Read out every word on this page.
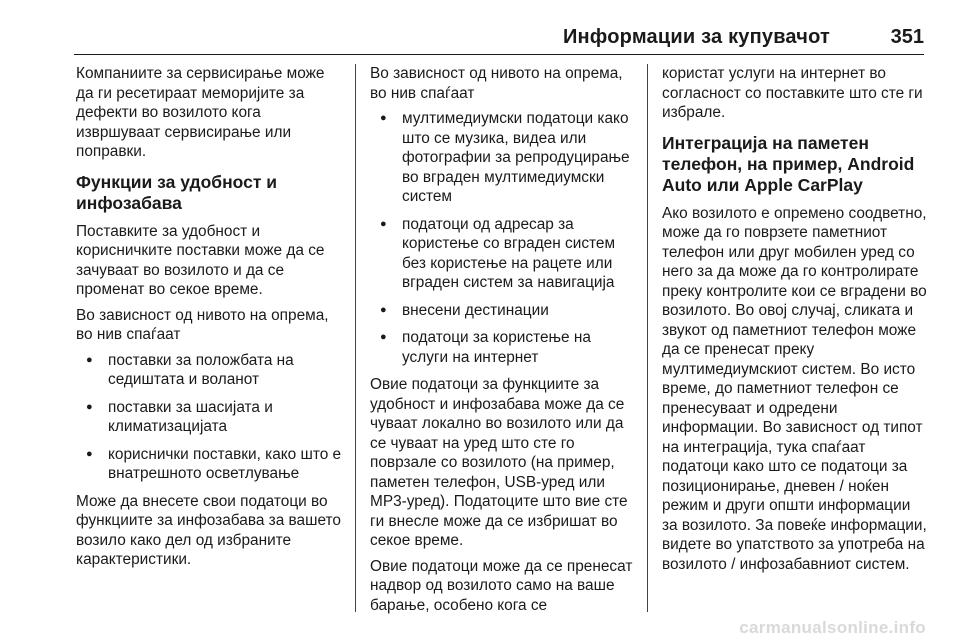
Информации за купувачот	351

Компаниите за сервисирање може да ги ресетираат меморијите за дефекти во возилото кога извршуваат сервисирање или поправки.

Функции за удобност и инфозабава

Поставките за удобност и корисничките поставки може да се зачуваат во возилото и да се променат во секое време.

Во зависност од нивото на опрема, во нив спаѓаат

● поставки за положбата на седиштата и воланот
● поставки за шасијата и климатизацијата
● кориснички поставки, како што е внатрешното осветлување

Може да внесете свои податоци во функциите за инфозабава за вашето возило како дел од избраните карактеристики.

Во зависност од нивото на опрема, во нив спаѓаат

● мултимедиумски податоци како што се музика, видеа или фотографии за репродуцирање во вграден мултимедиумски систем
● податоци од адресар за користење со вграден систем без користење на рацете или вграден систем за навигација
● внесени дестинации
● податоци за користење на услуги на интернет

Овие податоци за функциите за удобност и инфозабава може да се чуваат локално во возилото или да се чуваат на уред што сте го поврзале со возилото (на пример, паметен телефон, USB-уред или MP3-уред). Податоците што вие сте ги внесле може да се избришат во секое време.

Овие податоци може да се пренесат надвор од возилото само на ваше барање, особено кога се

користат услуги на интернет во согласност со поставките што сте ги избрале.

Интеграција на паметен телефон, на пример, Android Auto или Apple CarPlay

Ако возилото е опремено соодветно, може да го поврзете паметниот телефон или друг мобилен уред со него за да може да го контролирате преку контролите кои се вградени во возилото. Во овој случај, сликата и звукот од паметниот телефон може да се пренесат преку мултимедиумскиот систем. Во исто време, до паметниот телефон се пренесуваат и одредени информации. Во зависност од типот на интеграција, тука спаѓаат податоци како што се податоци за позиционирање, дневен / ноќен режим и други општи информации за возилото. За повеќе информации, видете во упатството за употреба на возилото / инфозабавниот систем.

carmanualsonline.info
